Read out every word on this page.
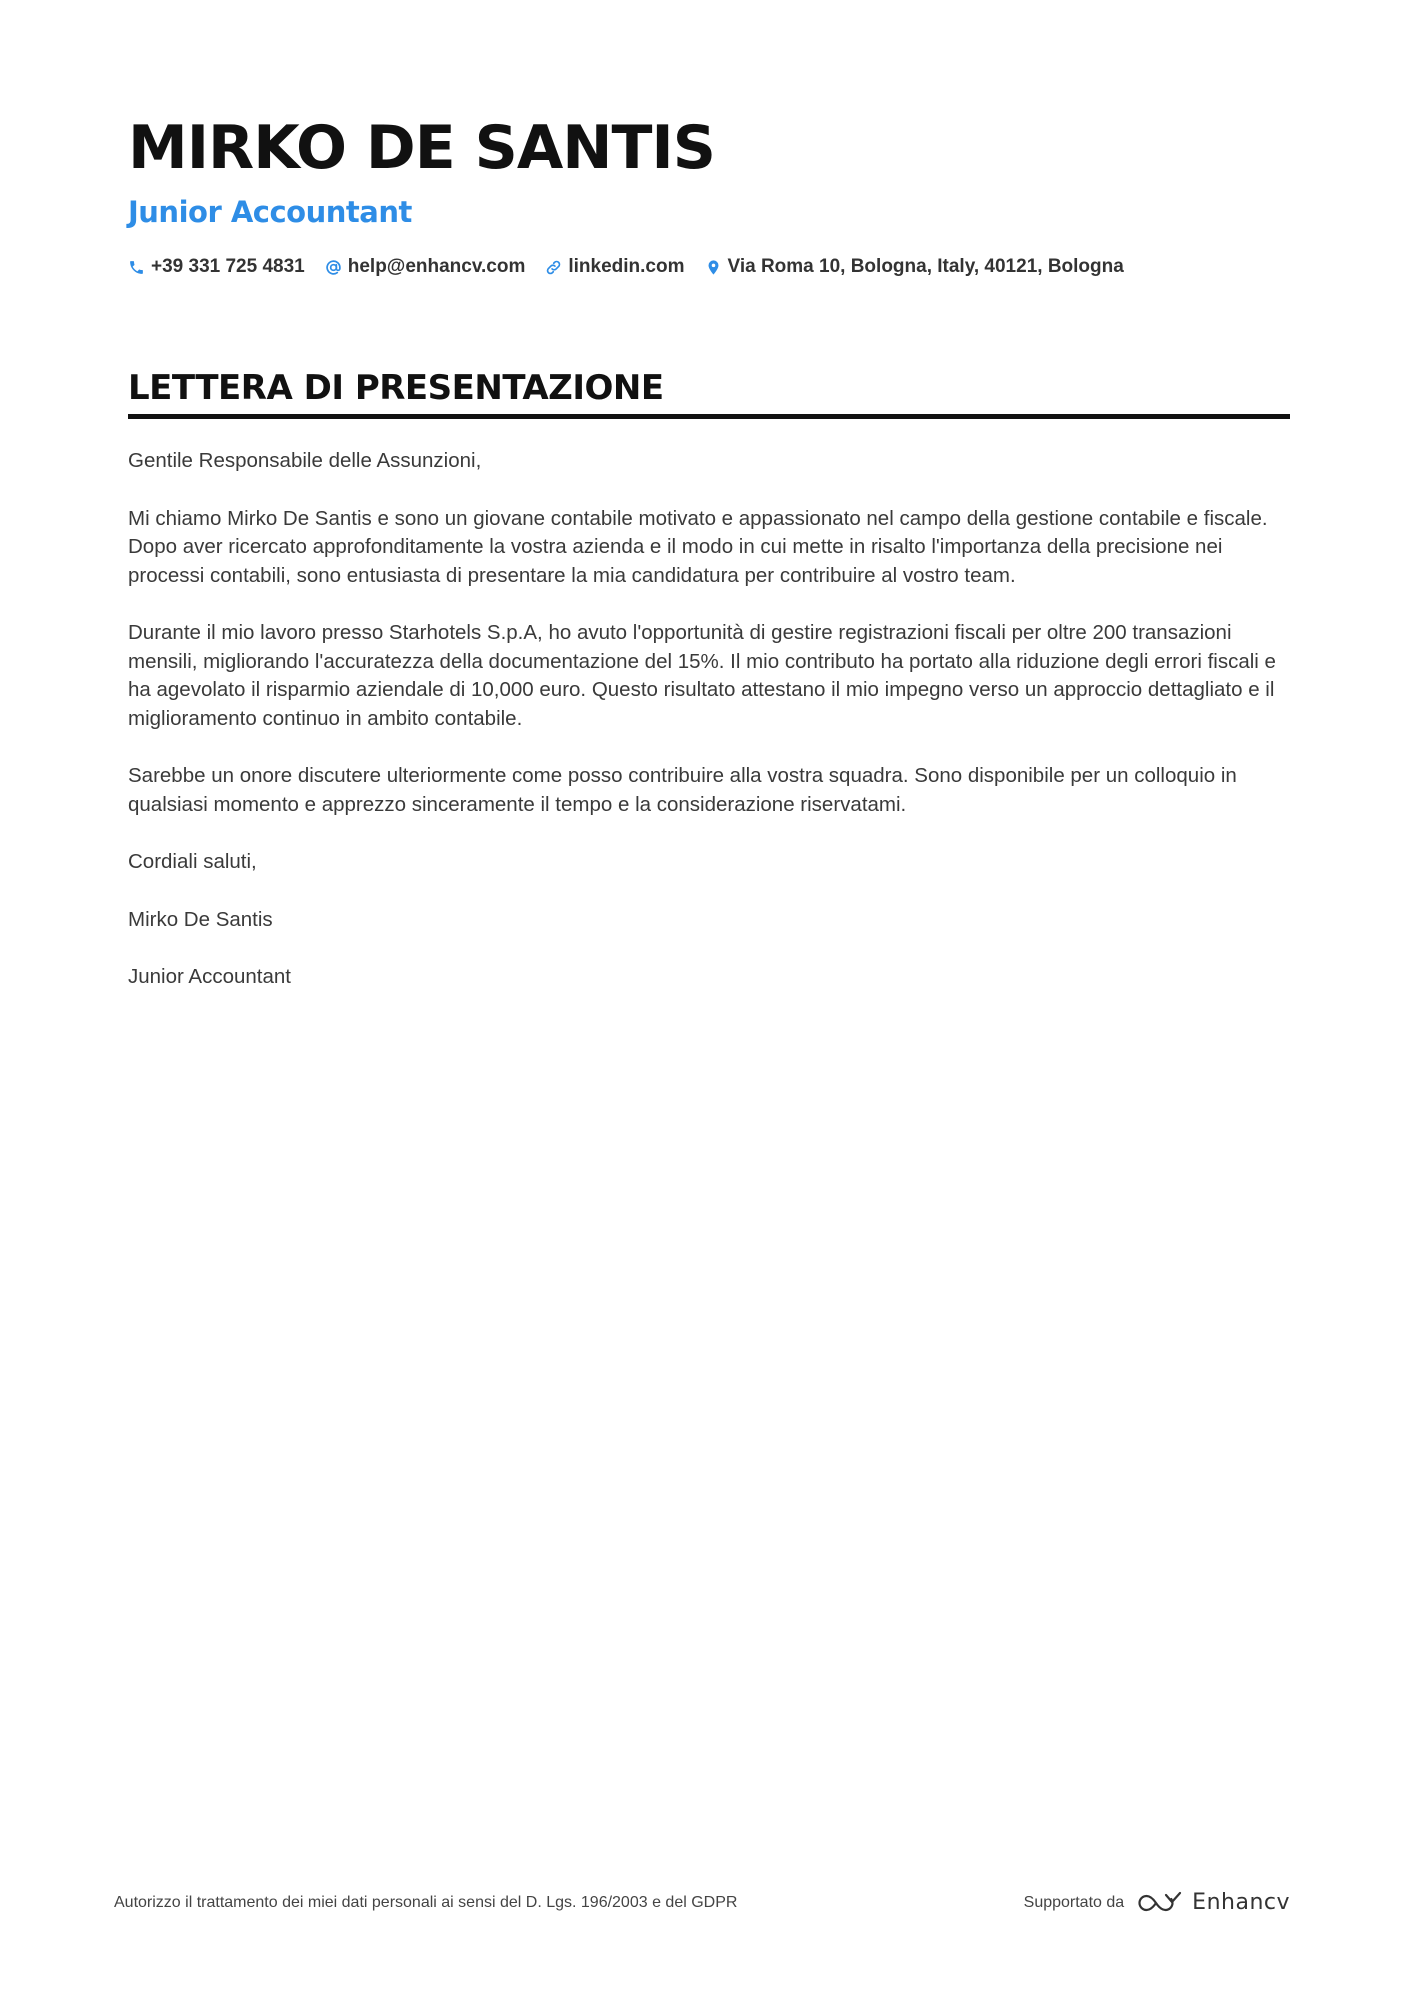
MIRKO DE SANTIS
Junior Accountant
+39 331 725 4831 help@enhancv.com linkedin.com Via Roma 10, Bologna, Italy, 40121, Bologna
LETTERA DI PRESENTAZIONE

Gentile Responsabile delle Assunzioni,

Mi chiamo Mirko De Santis e sono un giovane contabile motivato e appassionato nel campo della gestione contabile e fiscale. Dopo aver ricercato approfonditamente la vostra azienda e il modo in cui mette in risalto l'importanza della precisione nei processi contabili, sono entusiasta di presentare la mia candidatura per contribuire al vostro team.

Durante il mio lavoro presso Starhotels S.p.A, ho avuto l'opportunità di gestire registrazioni fiscali per oltre 200 transazioni mensili, migliorando l'accuratezza della documentazione del 15%. Il mio contributo ha portato alla riduzione degli errori fiscali e ha agevolato il risparmio aziendale di 10,000 euro. Questo risultato attestano il mio impegno verso un approccio dettagliato e il miglioramento continuo in ambito contabile.

Sarebbe un onore discutere ulteriormente come posso contribuire alla vostra squadra. Sono disponibile per un colloquio in qualsiasi momento e apprezzo sinceramente il tempo e la considerazione riservatami.

Cordiali saluti,

Mirko De Santis

Junior Accountant

Autorizzo il trattamento dei miei dati personali ai sensi del D. Lgs. 196/2003 e del GDPR	Supportato da	Enhancv
